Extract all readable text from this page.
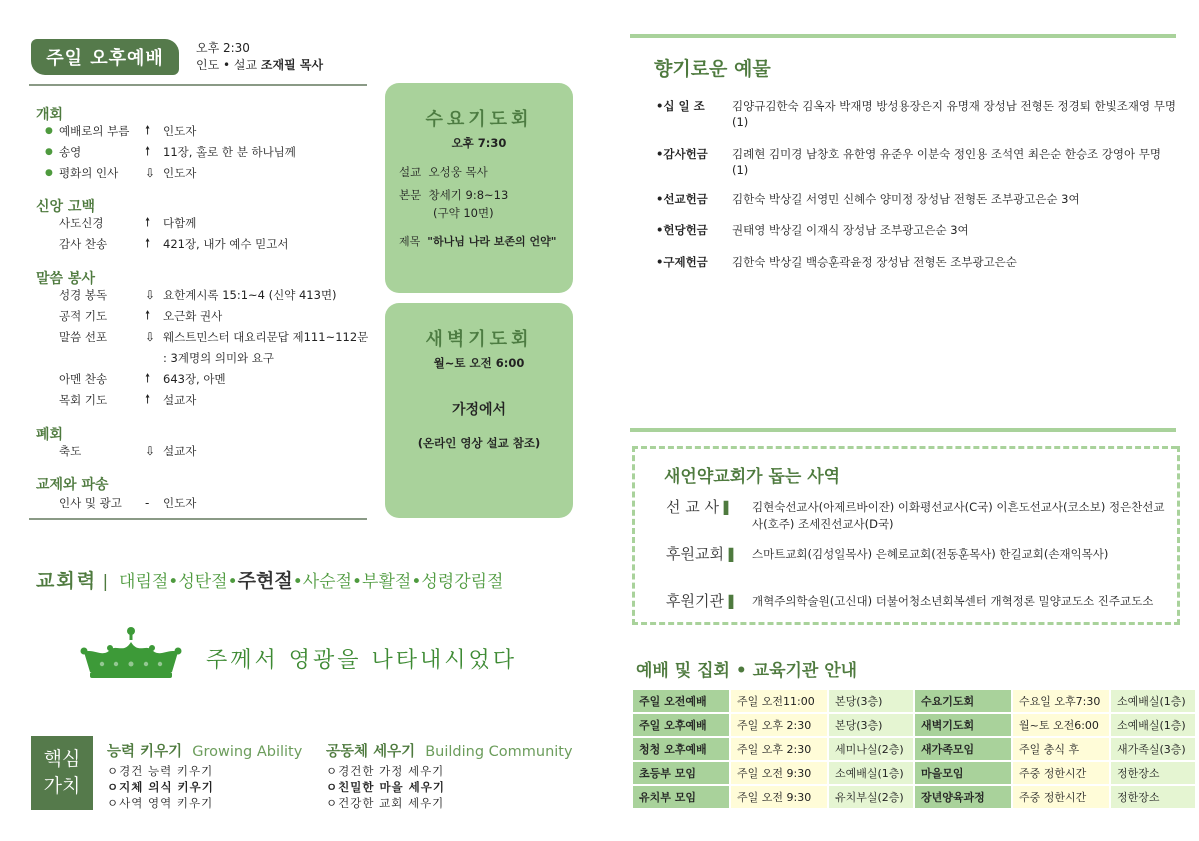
주일 오후예배	오후 2:30
인도 • 설교 조재필 목사
개회
● 예배로의 부름	🠕	인도자
● 송영	🠕	11장, 홀로 한 분 하나님께
● 평화의 인사	⇩ 인도자
신앙 고백
사도신경	🠕	다함께
감사 찬송	🠕	421장, 내가 예수 믿고서
말씀 봉사
성경 봉독	⇩ 요한계시록 15:1~4 (신약 413면)
공적 기도	🠕	오근화 권사
말씀 선포	⇩ 웨스트민스터 대요리문답 제111~112문
: 3계명의 의미와 요구
아멘 찬송	🠕	643장, 아멘
목회 기도	🠕	설교자
폐회
축도	⇩ 설교자
교제와 파송
인사 및 광고	-	인도자
수요기도회
오후 7:30
설교 오성웅 목사
본문 창세기 9:8~13
(구약 10면)
제목 "하나님 나라 보존의 언약"
새벽기도회
월~토 오전 6:00
가정에서
(온라인 영상 설교 참조)
교회력 | 대림절•성탄절•주현절•사순절•부활절•성령강림절
주께서 영광을 나타내시었다
핵심
가치
능력 키우기 Growing Ability
ㅇ경건 능력 키우기
ㅇ지체 의식 키우기
ㅇ사역 영역 키우기
공동체 세우기 Building Community
ㅇ경건한 가정 세우기
ㅇ친밀한 마을 세우기
ㅇ건강한 교회 세우기
향기로운 예물
•십 일 조	김양규김한숙 김옥자 박재명 방성용장은지 유명재 장성남 전형돈 정경퇴 한빛조재영 무명(1)
•감사헌금	김례현 김미경 남창호 유한영 유준우 이분숙 정인용 조석연 최은순 한승조 강영아 무명(1)
•선교헌금	김한숙 박상길 서영민 신혜수 양미정 장성남 전형돈 조부광고은순 3여
•헌당헌금	권태영 박상길 이재식 장성남 조부광고은순 3여
•구제헌금	김한숙 박상길 백승훈곽윤정 장성남 전형돈 조부광고은순
새언약교회가 돕는 사역
선 교 사 ▌	김현숙선교사(아제르바이잔) 이화평선교사(C국) 이흔도선교사(코소보) 정은찬선교사(호주) 조세진선교사(D국)
후원교회 ▌	스마트교회(김성일목사) 은혜로교회(전동훈목사) 한길교회(손재익목사)
후원기관 ▌	개혁주의학술원(고신대) 더불어청소년회복센터 개혁정론 밀양교도소 진주교도소
예배 및 집회 • 교육기관 안내
주일 오전예배	주일 오전11:00	본당(3층)	수요기도회	수요일 오후7:30	소예배실(1층)
주일 오후예배	주일 오후 2:30	본당(3층)	새벽기도회	월~토 오전6:00	소예배실(1층)
청청 오후예배	주일 오후 2:30	세미나실(2층)	새가족모임	주일 충식 후	새가족실(3층)
초등부 모임	주일 오전 9:30	소예배실(1층)	마을모임	주중 정한시간	정한장소
유치부 모임	주일 오전 9:30	유치부실(2층)	장년양육과정	주중 정한시간	정한장소
